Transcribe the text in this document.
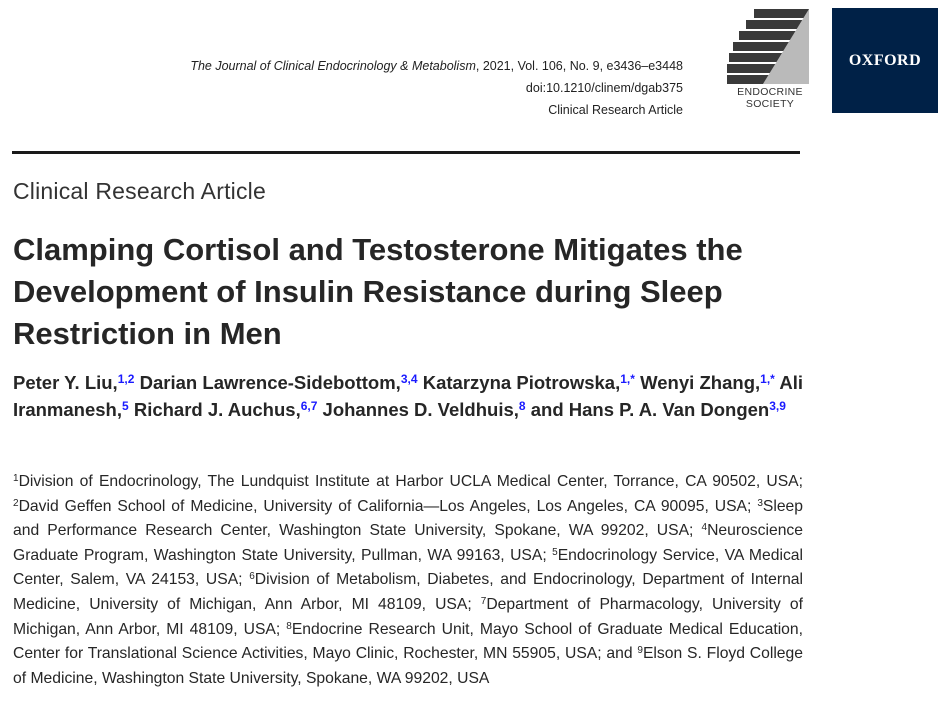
The Journal of Clinical Endocrinology & Metabolism, 2021, Vol. 106, No. 9, e3436–e3448
doi:10.1210/clinem/dgab375
Clinical Research Article
ENDOCRINE
SOCIETY
OXFORD
Clinical Research Article
Clamping Cortisol and Testosterone Mitigates the Development of Insulin Resistance during Sleep Restriction in Men
Peter Y. Liu,$^{1,2}$ Darian Lawrence-Sidebottom,$^{3,4}$ Katarzyna Piotrowska,$^{1,*}$ Wenyi Zhang,$^{1,*}$ Ali Iranmanesh,$^5$ Richard J. Auchus,$^{6,7}$ Johannes D. Veldhuis,$^8$ and Hans P. A. Van Dongen$^{3,9}$
$^1$Division of Endocrinology, The Lundquist Institute at Harbor UCLA Medical Center, Torrance, CA 90502, USA; $^2$David Geffen School of Medicine, University of California—Los Angeles, Los Angeles, CA 90095, USA; $^3$Sleep and Performance Research Center, Washington State University, Spokane, WA 99202, USA; $^4$Neuroscience Graduate Program, Washington State University, Pullman, WA 99163, USA; $^5$Endocrinology Service, VA Medical Center, Salem, VA 24153, USA; $^6$Division of Metabolism, Diabetes, and Endocrinology, Department of Internal Medicine, University of Michigan, Ann Arbor, MI 48109, USA; $^7$Department of Pharmacology, University of Michigan, Ann Arbor, MI 48109, USA; $^8$Endocrine Research Unit, Mayo School of Graduate Medical Education, Center for Translational Science Activities, Mayo Clinic, Rochester, MN 55905, USA; and $^9$Elson S. Floyd College of Medicine, Washington State University, Spokane, WA 99202, USA
